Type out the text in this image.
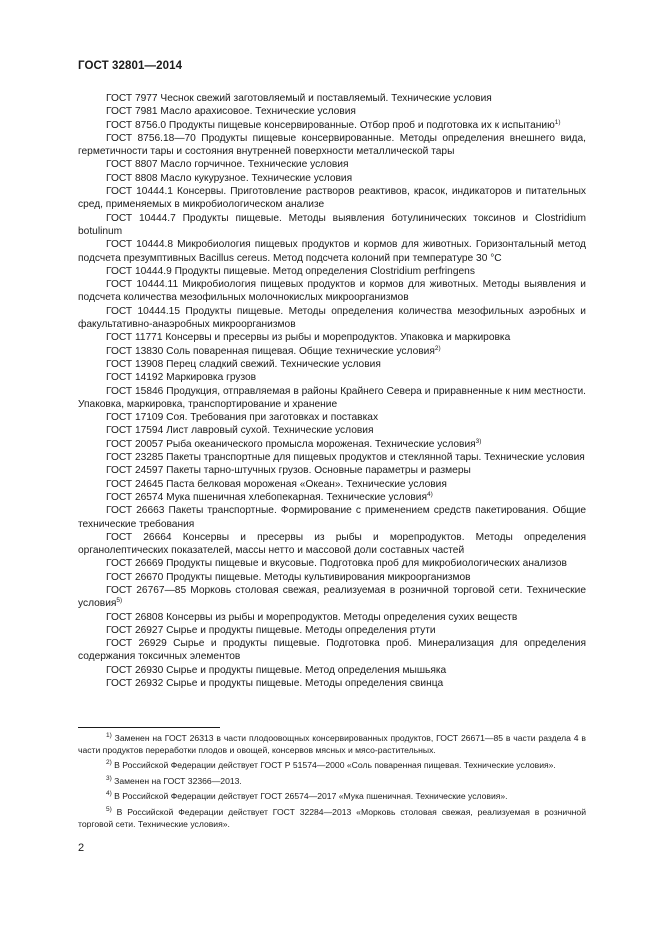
ГОСТ 32801—2014

ГОСТ 7977 Чеснок свежий заготовляемый и поставляемый. Технические условия

ГОСТ 7981 Масло арахисовое. Технические условия

ГОСТ 8756.0 Продукты пищевые консервированные. Отбор проб и подготовка их к испытанию$^{1)}$

ГОСТ 8756.18—70 Продукты пищевые консервированные. Методы определения внешнего вида, герметичности тары и состояния внутренней поверхности металлической тары

ГОСТ 8807 Масло горчичное. Технические условия

ГОСТ 8808 Масло кукурузное. Технические условия

ГОСТ 10444.1 Консервы. Приготовление растворов реактивов, красок, индикаторов и питательных сред, применяемых в микробиологическом анализе

ГОСТ 10444.7 Продукты пищевые. Методы выявления ботулинических токсинов и Clostridium botulinum

ГОСТ 10444.8 Микробиология пищевых продуктов и кормов для животных. Горизонтальный метод подсчета презумптивных Bacillus cereus. Метод подсчета колоний при температуре 30 °С

ГОСТ 10444.9 Продукты пищевые. Метод определения Clostridium perfringens

ГОСТ 10444.11 Микробиология пищевых продуктов и кормов для животных. Методы выявления и подсчета количества мезофильных молочнокислых микроорганизмов

ГОСТ 10444.15 Продукты пищевые. Методы определения количества мезофильных аэробных и факультативно-анаэробных микроорганизмов

ГОСТ 11771 Консервы и пресервы из рыбы и морепродуктов. Упаковка и маркировка

ГОСТ 13830 Соль поваренная пищевая. Общие технические условия$^{2)}$

ГОСТ 13908 Перец сладкий свежий. Технические условия

ГОСТ 14192 Маркировка грузов

ГОСТ 15846 Продукция, отправляемая в районы Крайнего Севера и приравненные к ним местности. Упаковка, маркировка, транспортирование и хранение

ГОСТ 17109 Соя. Требования при заготовках и поставках

ГОСТ 17594 Лист лавровый сухой. Технические условия

ГОСТ 20057 Рыба океанического промысла мороженая. Технические условия$^{3)}$

ГОСТ 23285 Пакеты транспортные для пищевых продуктов и стеклянной тары. Технические условия

ГОСТ 24597 Пакеты тарно-штучных грузов. Основные параметры и размеры

ГОСТ 24645 Паста белковая мороженая «Океан». Технические условия

ГОСТ 26574 Мука пшеничная хлебопекарная. Технические условия$^{4)}$

ГОСТ 26663 Пакеты транспортные. Формирование с применением средств пакетирования. Общие технические требования

ГОСТ 26664 Консервы и пресервы из рыбы и морепродуктов. Методы определения органолептических показателей, массы нетто и массовой доли составных частей

ГОСТ 26669 Продукты пищевые и вкусовые. Подготовка проб для микробиологических анализов

ГОСТ 26670 Продукты пищевые. Методы культивирования микроорганизмов

ГОСТ 26767—85 Морковь столовая свежая, реализуемая в розничной торговой сети. Технические условия$^{5)}$

ГОСТ 26808 Консервы из рыбы и морепродуктов. Методы определения сухих веществ

ГОСТ 26927 Сырье и продукты пищевые. Методы определения ртути

ГОСТ 26929 Сырье и продукты пищевые. Подготовка проб. Минерализация для определения содержания токсичных элементов

ГОСТ 26930 Сырье и продукты пищевые. Метод определения мышьяка

ГОСТ 26932 Сырье и продукты пищевые. Методы определения свинца

$^{1)}$ Заменен на ГОСТ 26313 в части плодоовощных консервированных продуктов, ГОСТ 26671—85 в части раздела 4 в части продуктов переработки плодов и овощей, консервов мясных и мясо-растительных.

$^{2)}$ В Российской Федерации действует ГОСТ Р 51574—2000 «Соль поваренная пищевая. Технические условия».

$^{3)}$ Заменен на ГОСТ 32366—2013.

$^{4)}$ В Российской Федерации действует ГОСТ 26574—2017 «Мука пшеничная. Технические условия».

$^{5)}$ В Российской Федерации действует ГОСТ 32284—2013 «Морковь столовая свежая, реализуемая в розничной торговой сети. Технические условия».

2
